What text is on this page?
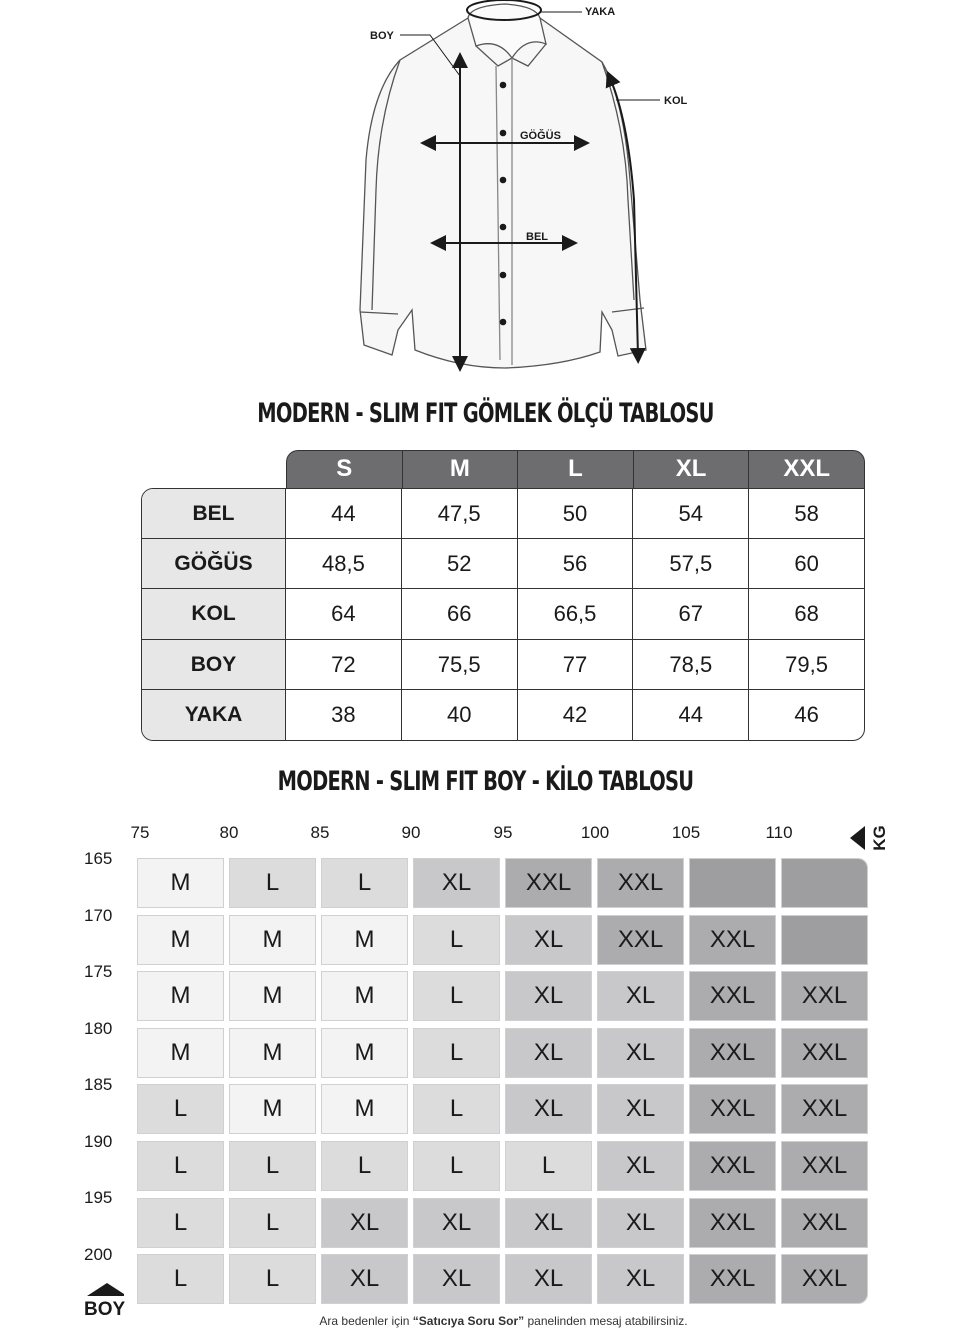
YAKA
BOY
KOL
GÖĞÜS
BEL
MODERN - SLIM FIT GÖMLEK ÖLÇÜ TABLOSU
S	M	L	XL	XXL
BEL	44	47,5	50	54	58
GÖĞÜS	48,5	52	56	57,5	60
KOL	64	66	66,5	67	68
BOY	72	75,5	77	78,5	79,5
YAKA	38	40	42	44	46
MODERN - SLIM FIT BOY - KİLO TABLOSU
75	80	85	90	95	100	105	110	KG
165
170
175
180
185
190
195
200
BOY
M	L	L	XL	XXL	XXL
M	M	M	L	XL	XXL	XXL
M	M	M	L	XL	XL	XXL	XXL
M	M	M	L	XL	XL	XXL	XXL
L	M	M	L	XL	XL	XXL	XXL
L	L	L	L	L	XL	XXL	XXL
L	L	XL	XL	XL	XL	XXL	XXL
L	L	XL	XL	XL	XL	XXL	XXL
Ara bedenler için “Satıcıya Soru Sor” panelinden mesaj atabilirsiniz.
